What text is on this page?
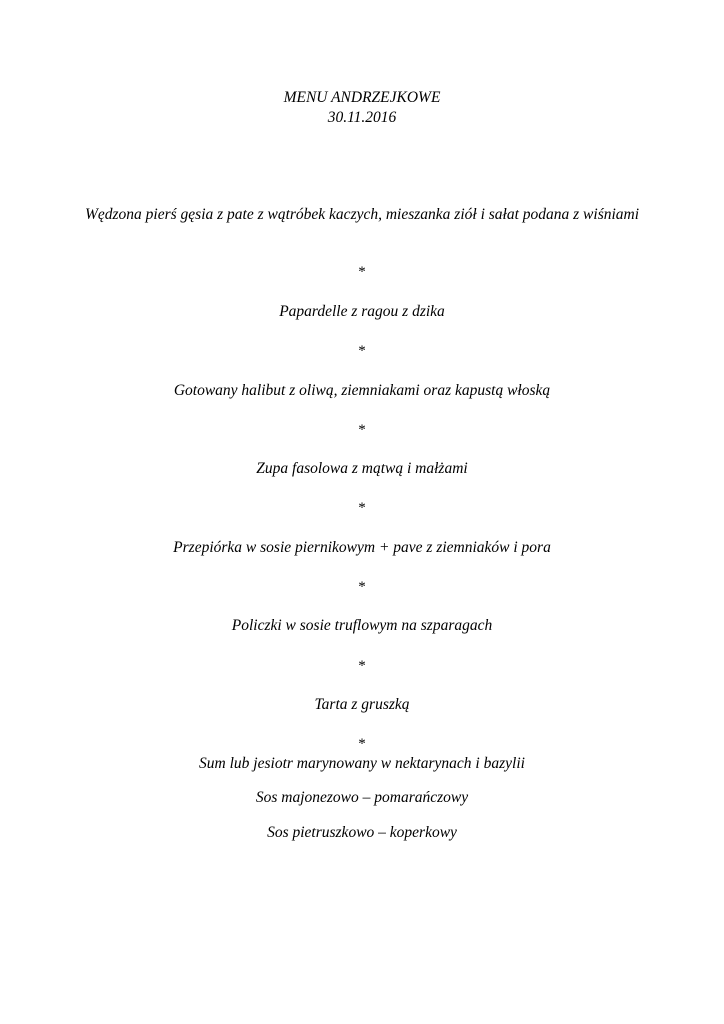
MENU ANDRZEJKOWE
30.11.2016
Wędzona pierś gęsia z pate z wątróbek kaczych, mieszanka ziół i sałat podana z wiśniami
*
Papardelle z ragou z dzika
*
Gotowany halibut z oliwą, ziemniakami oraz kapustą włoską
*
Zupa fasolowa z mątwą i małżami
*
Przepiórka w sosie piernikowym + pave z ziemniaków i pora
*
Policzki w sosie truflowym na szparagach
*
Tarta z gruszką
*
Sum lub jesiotr marynowany w nektarynach i bazylii
Sos majonezowo – pomarańczowy
Sos pietruszkowo – koperkowy
